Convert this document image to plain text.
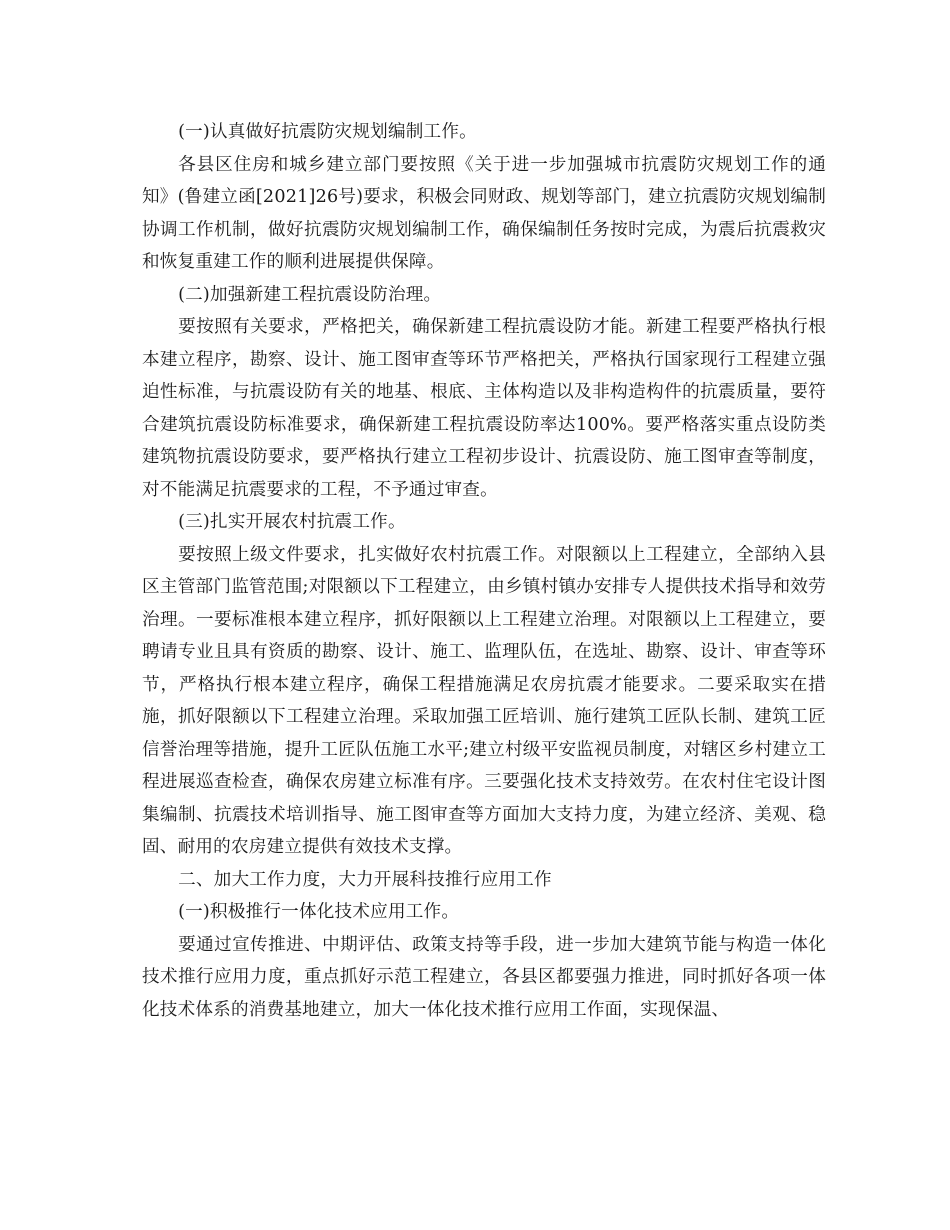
(一)认真做好抗震防灾规划编制工作。

各县区住房和城乡建立部门要按照《关于进一步加强城市抗震防灾规划工作的通知》(鲁建立函[2021]26号)要求，积极会同财政、规划等部门，建立抗震防灾规划编制协调工作机制，做好抗震防灾规划编制工作，确保编制任务按时完成，为震后抗震救灾和恢复重建工作的顺利进展提供保障。

(二)加强新建工程抗震设防治理。

要按照有关要求，严格把关，确保新建工程抗震设防才能。新建工程要严格执行根本建立程序，勘察、设计、施工图审查等环节严格把关，严格执行国家现行工程建立强迫性标准，与抗震设防有关的地基、根底、主体构造以及非构造构件的抗震质量，要符合建筑抗震设防标准要求，确保新建工程抗震设防率达100%。要严格落实重点设防类建筑物抗震设防要求，要严格执行建立工程初步设计、抗震设防、施工图审查等制度，对不能满足抗震要求的工程，不予通过审查。

(三)扎实开展农村抗震工作。

要按照上级文件要求，扎实做好农村抗震工作。对限额以上工程建立，全部纳入县区主管部门监管范围;对限额以下工程建立，由乡镇村镇办安排专人提供技术指导和效劳治理。一要标准根本建立程序，抓好限额以上工程建立治理。对限额以上工程建立，要聘请专业且具有资质的勘察、设计、施工、监理队伍，在选址、勘察、设计、审查等环节，严格执行根本建立程序，确保工程措施满足农房抗震才能要求。二要采取实在措施，抓好限额以下工程建立治理。采取加强工匠培训、施行建筑工匠队长制、建筑工匠信誉治理等措施，提升工匠队伍施工水平;建立村级平安监视员制度，对辖区乡村建立工程进展巡查检查，确保农房建立标准有序。三要强化技术支持效劳。在农村住宅设计图集编制、抗震技术培训指导、施工图审查等方面加大支持力度，为建立经济、美观、稳固、耐用的农房建立提供有效技术支撑。

二、加大工作力度，大力开展科技推行应用工作

(一)积极推行一体化技术应用工作。

要通过宣传推进、中期评估、政策支持等手段，进一步加大建筑节能与构造一体化技术推行应用力度，重点抓好示范工程建立，各县区都要强力推进，同时抓好各项一体化技术体系的消费基地建立，加大一体化技术推行应用工作面，实现保温、
